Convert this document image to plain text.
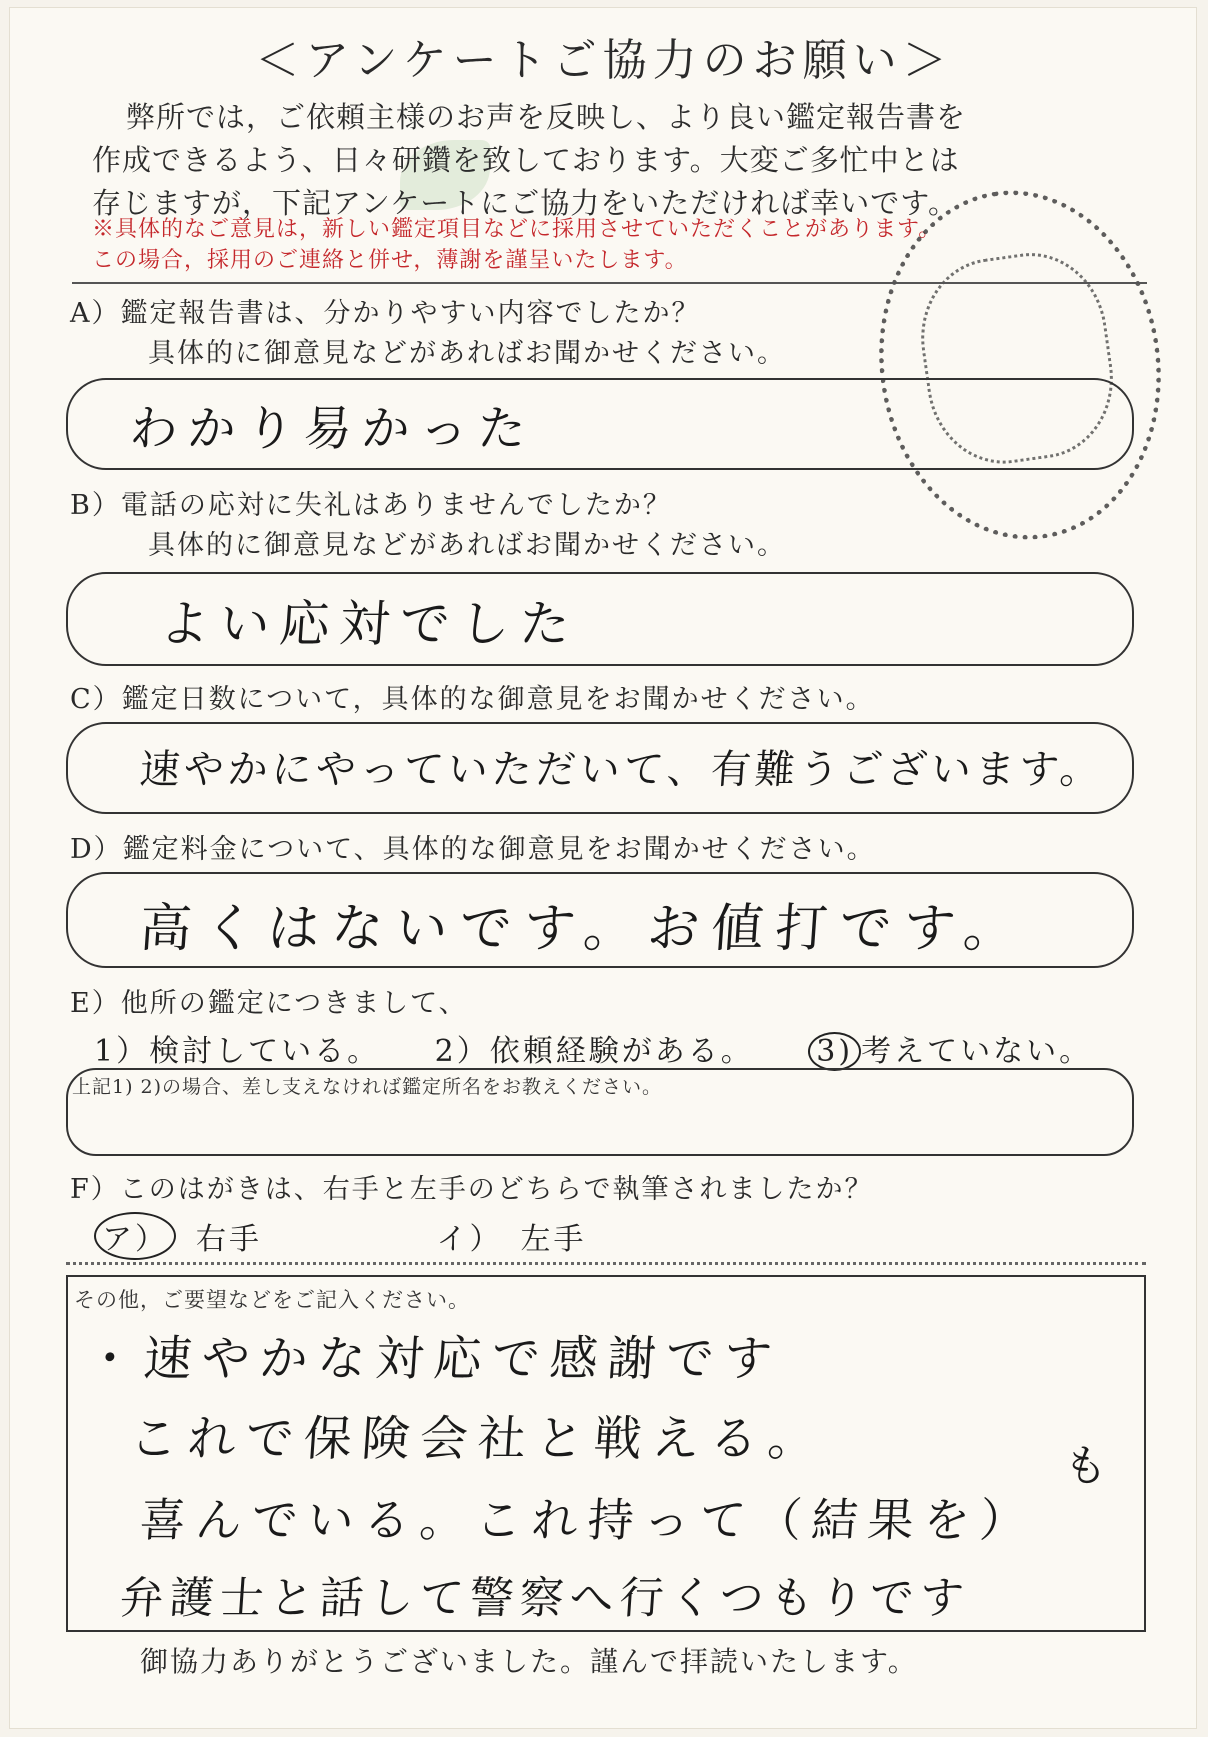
＜アンケートご協力のお願い＞

弊所では，ご依頼主様のお声を反映し、より良い鑑定報告書を

作成できるよう、日々研鑽を致しております。大変ご多忙中とは

存じますが，下記アンケートにご協力をいただければ幸いです。

※具体的なご意見は，新しい鑑定項目などに採用させていただくことがあります。

この場合，採用のご連絡と併せ，薄謝を謹呈いたします。

A）鑑定報告書は、分かりやすい内容でしたか？
具体的に御意見などがあればお聞かせください。
わかり易かった
B）電話の応対に失礼はありませんでしたか？
具体的に御意見などがあればお聞かせください。
よい応対でした
C）鑑定日数について，具体的な御意見をお聞かせください。
速やかにやっていただいて、有難うございます。
D）鑑定料金について、具体的な御意見をお聞かせください。
高くはないです。お値打です。
E）他所の鑑定につきまして、
1）検討している。 2）依頼経験がある。 3) 考えていない。
上記1) 2)の場合、差し支えなければ鑑定所名をお教えください。
F）このはがきは、右手と左手のどちらで執筆されましたか？
ア） 右手	イ）　左手
その他，ご要望などをご記入ください。
・速やかな対応で感謝です
これで保険会社と戦える。	も
喜んでいる。これ持って（結果を）
弁護士と話して警察へ行くつもりです
御協力ありがとうございました。謹んで拝読いたします。
